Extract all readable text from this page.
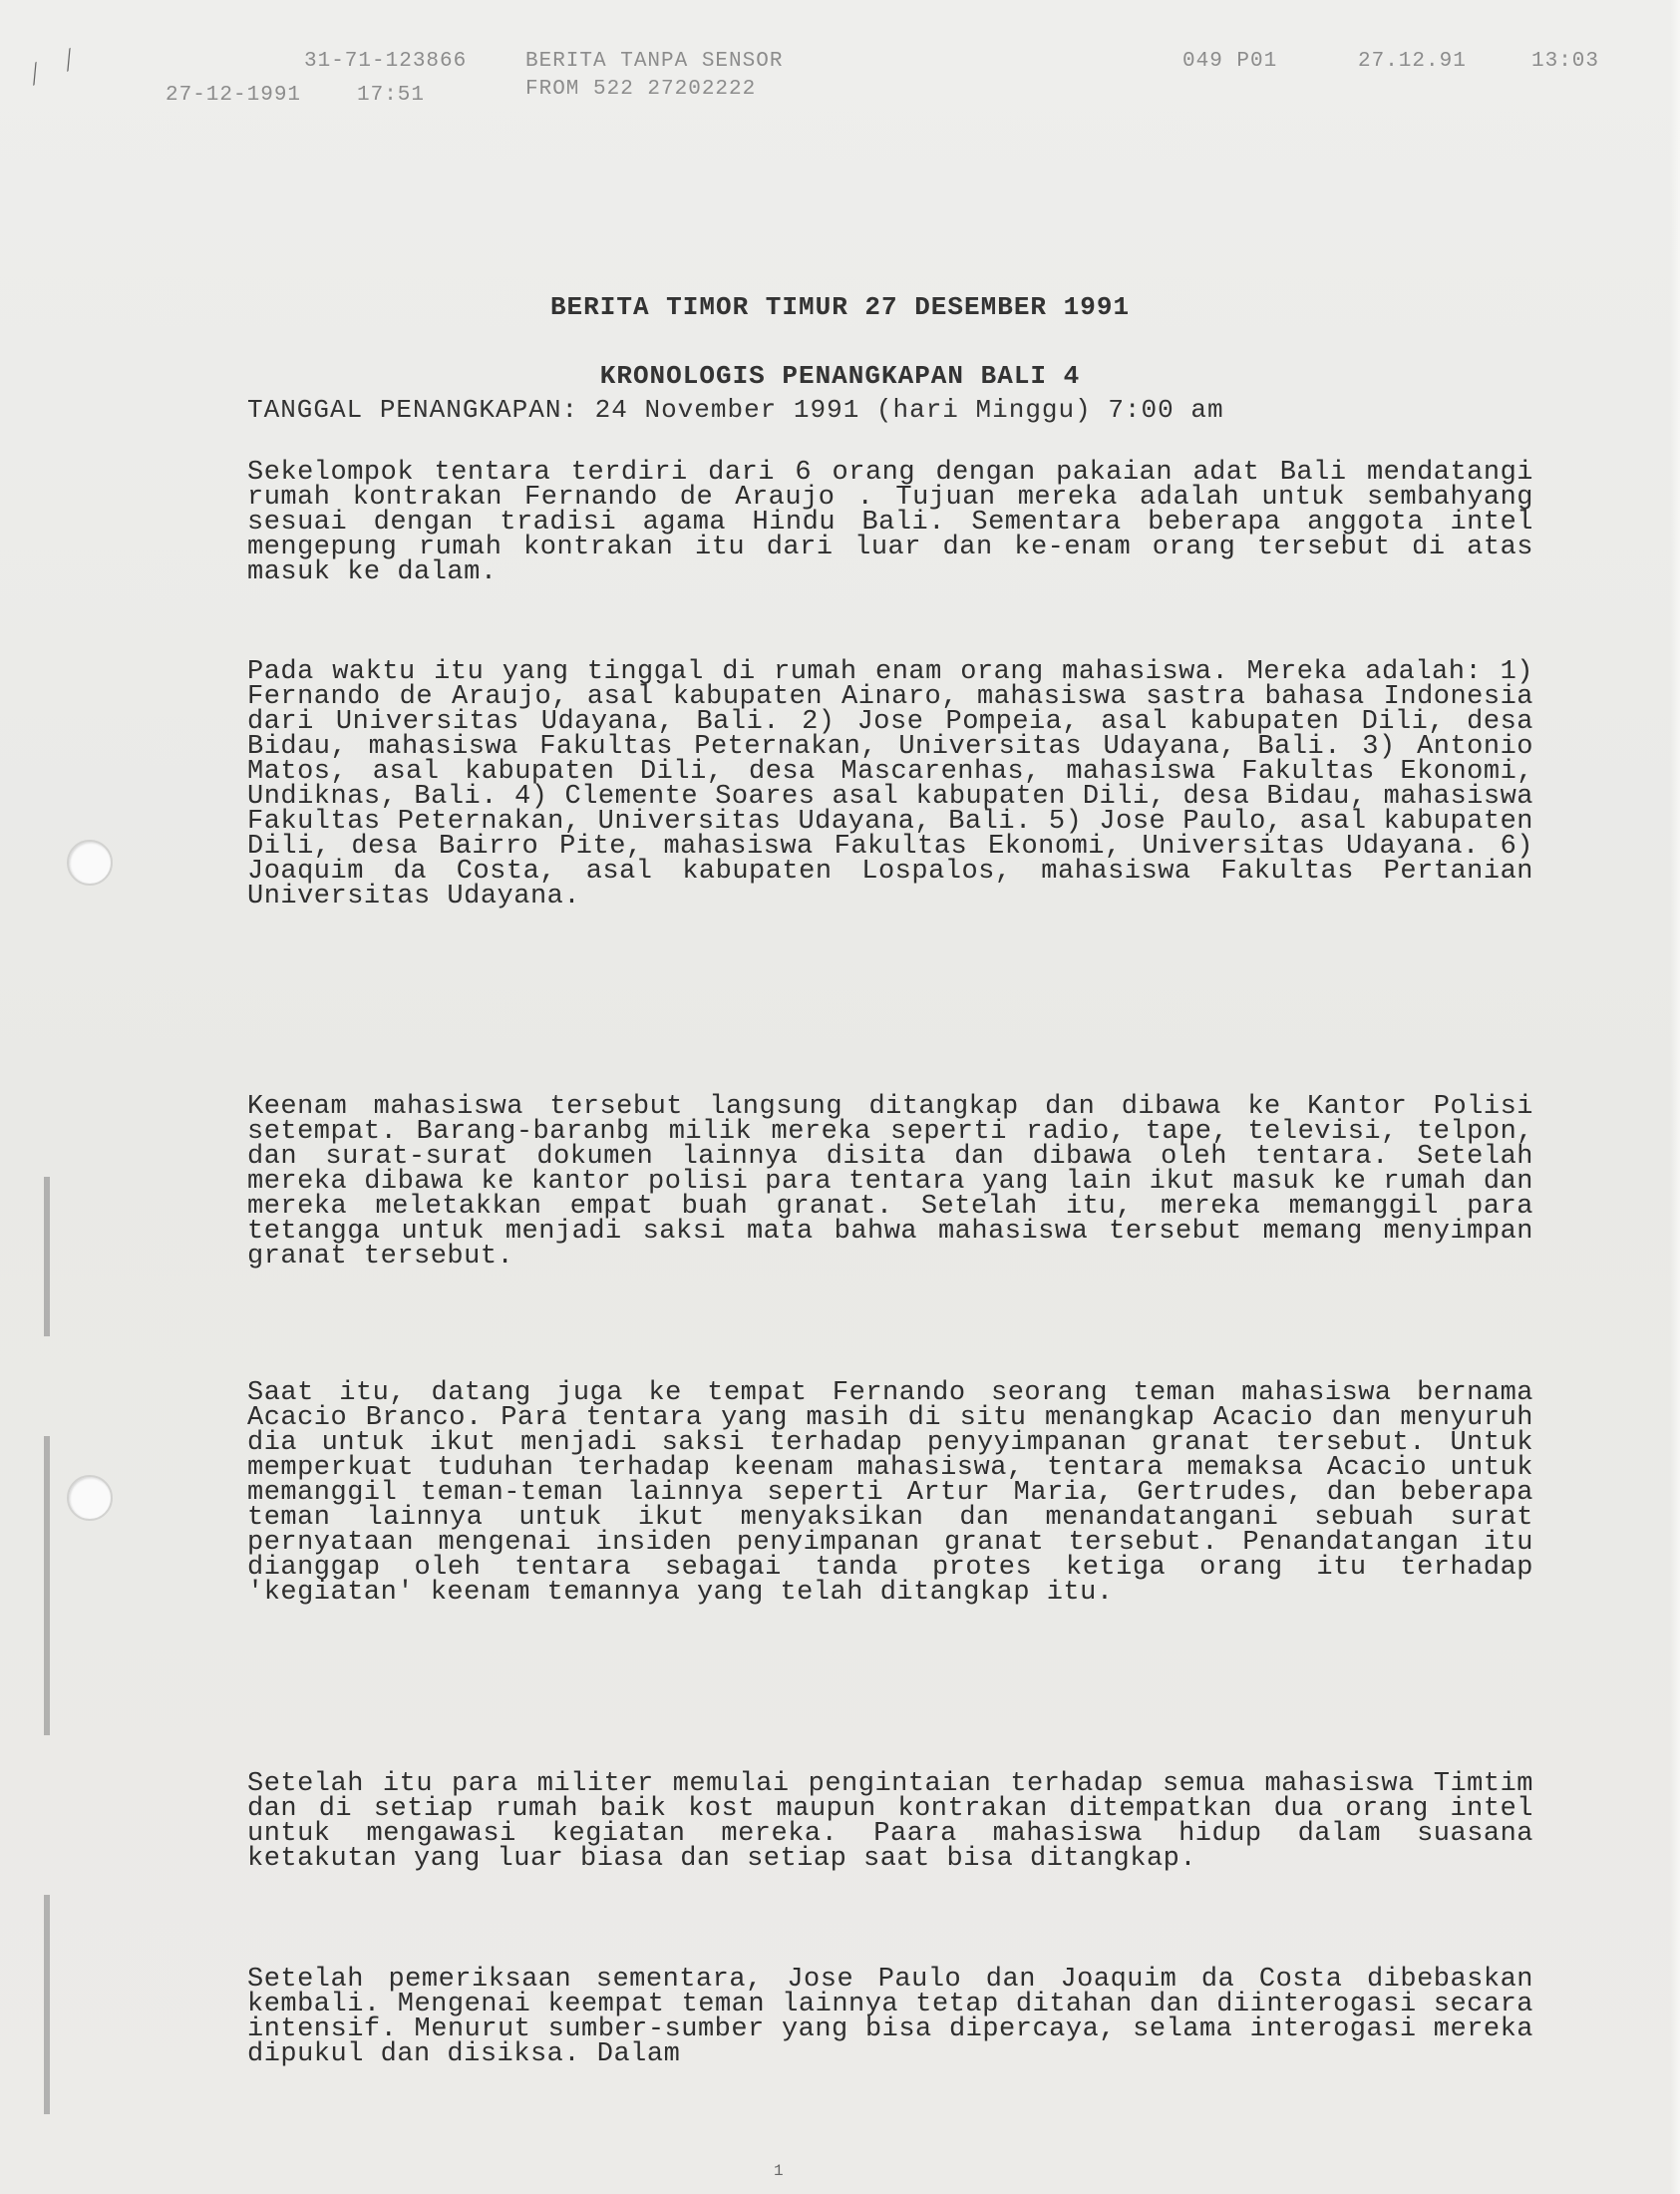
31-71-123866	BERITA TANPA SENSOR	049 P01	27.12.91	13:03
27-12-1991	17:51	FROM 522 27202222
⟋ ⟋
BERITA TIMOR TIMUR 27 DESEMBER 1991
KRONOLOGIS PENANGKAPAN BALI 4
TANGGAL PENANGKAPAN: 24 November 1991 (hari Minggu) 7:00 am
Sekelompok tentara terdiri dari 6 orang dengan pakaian adat Bali mendatangi rumah kontrakan Fernando de Araujo . Tujuan mereka adalah untuk sembahyang sesuai dengan tradisi agama Hindu Bali. Sementara beberapa anggota intel mengepung rumah kontrakan itu dari luar dan ke-enam orang tersebut di atas masuk ke dalam.
Pada waktu itu yang tinggal di rumah enam orang mahasiswa. Mereka adalah: 1) Fernando de Araujo, asal kabupaten Ainaro, mahasiswa sastra bahasa Indonesia dari Universitas Udayana, Bali. 2) Jose Pompeia, asal kabupaten Dili, desa Bidau, mahasiswa Fakultas Peternakan, Universitas Udayana, Bali. 3) Antonio Matos, asal kabupaten Dili, desa Mascarenhas, mahasiswa Fakultas Ekonomi, Undiknas, Bali. 4) Clemente Soares asal kabupaten Dili, desa Bidau, mahasiswa Fakultas Peternakan, Universitas Udayana, Bali. 5) Jose Paulo, asal kabupaten Dili, desa Bairro Pite, mahasiswa Fakultas Ekonomi, Universitas Udayana. 6) Joaquim da Costa, asal kabupaten Lospalos, mahasiswa Fakultas Pertanian Universitas Udayana.
Keenam mahasiswa tersebut langsung ditangkap dan dibawa ke Kantor Polisi setempat. Barang-baranbg milik mereka seperti radio, tape, televisi, telpon, dan surat-surat dokumen lainnya disita dan dibawa oleh tentara. Setelah mereka dibawa ke kantor polisi para tentara yang lain ikut masuk ke rumah dan mereka meletakkan empat buah granat. Setelah itu, mereka memanggil para tetangga untuk menjadi saksi mata bahwa mahasiswa tersebut memang menyimpan granat tersebut.
Saat itu, datang juga ke tempat Fernando seorang teman mahasiswa bernama Acacio Branco. Para tentara yang masih di situ menangkap Acacio dan menyuruh dia untuk ikut menjadi saksi terhadap penyyimpanan granat tersebut. Untuk memperkuat tuduhan terhadap keenam mahasiswa, tentara memaksa Acacio untuk memanggil teman-teman lainnya seperti Artur Maria, Gertrudes, dan beberapa teman lainnya untuk ikut menyaksikan dan menandatangani sebuah surat pernyataan mengenai insiden penyimpanan granat tersebut. Penandatangan itu dianggap oleh tentara sebagai tanda protes ketiga orang itu terhadap 'kegiatan' keenam temannya yang telah ditangkap itu.
Setelah itu para militer memulai pengintaian terhadap semua mahasiswa Timtim dan di setiap rumah baik kost maupun kontrakan ditempatkan dua orang intel untuk mengawasi kegiatan mereka. Paara mahasiswa hidup dalam suasana ketakutan yang luar biasa dan setiap saat bisa ditangkap.
Setelah pemeriksaan sementara, Jose Paulo dan Joaquim da Costa dibebaskan kembali. Mengenai keempat teman lainnya tetap ditahan dan diinterogasi secara intensif. Menurut sumber-sumber yang bisa dipercaya, selama interogasi mereka dipukul dan disiksa. Dalam
1
